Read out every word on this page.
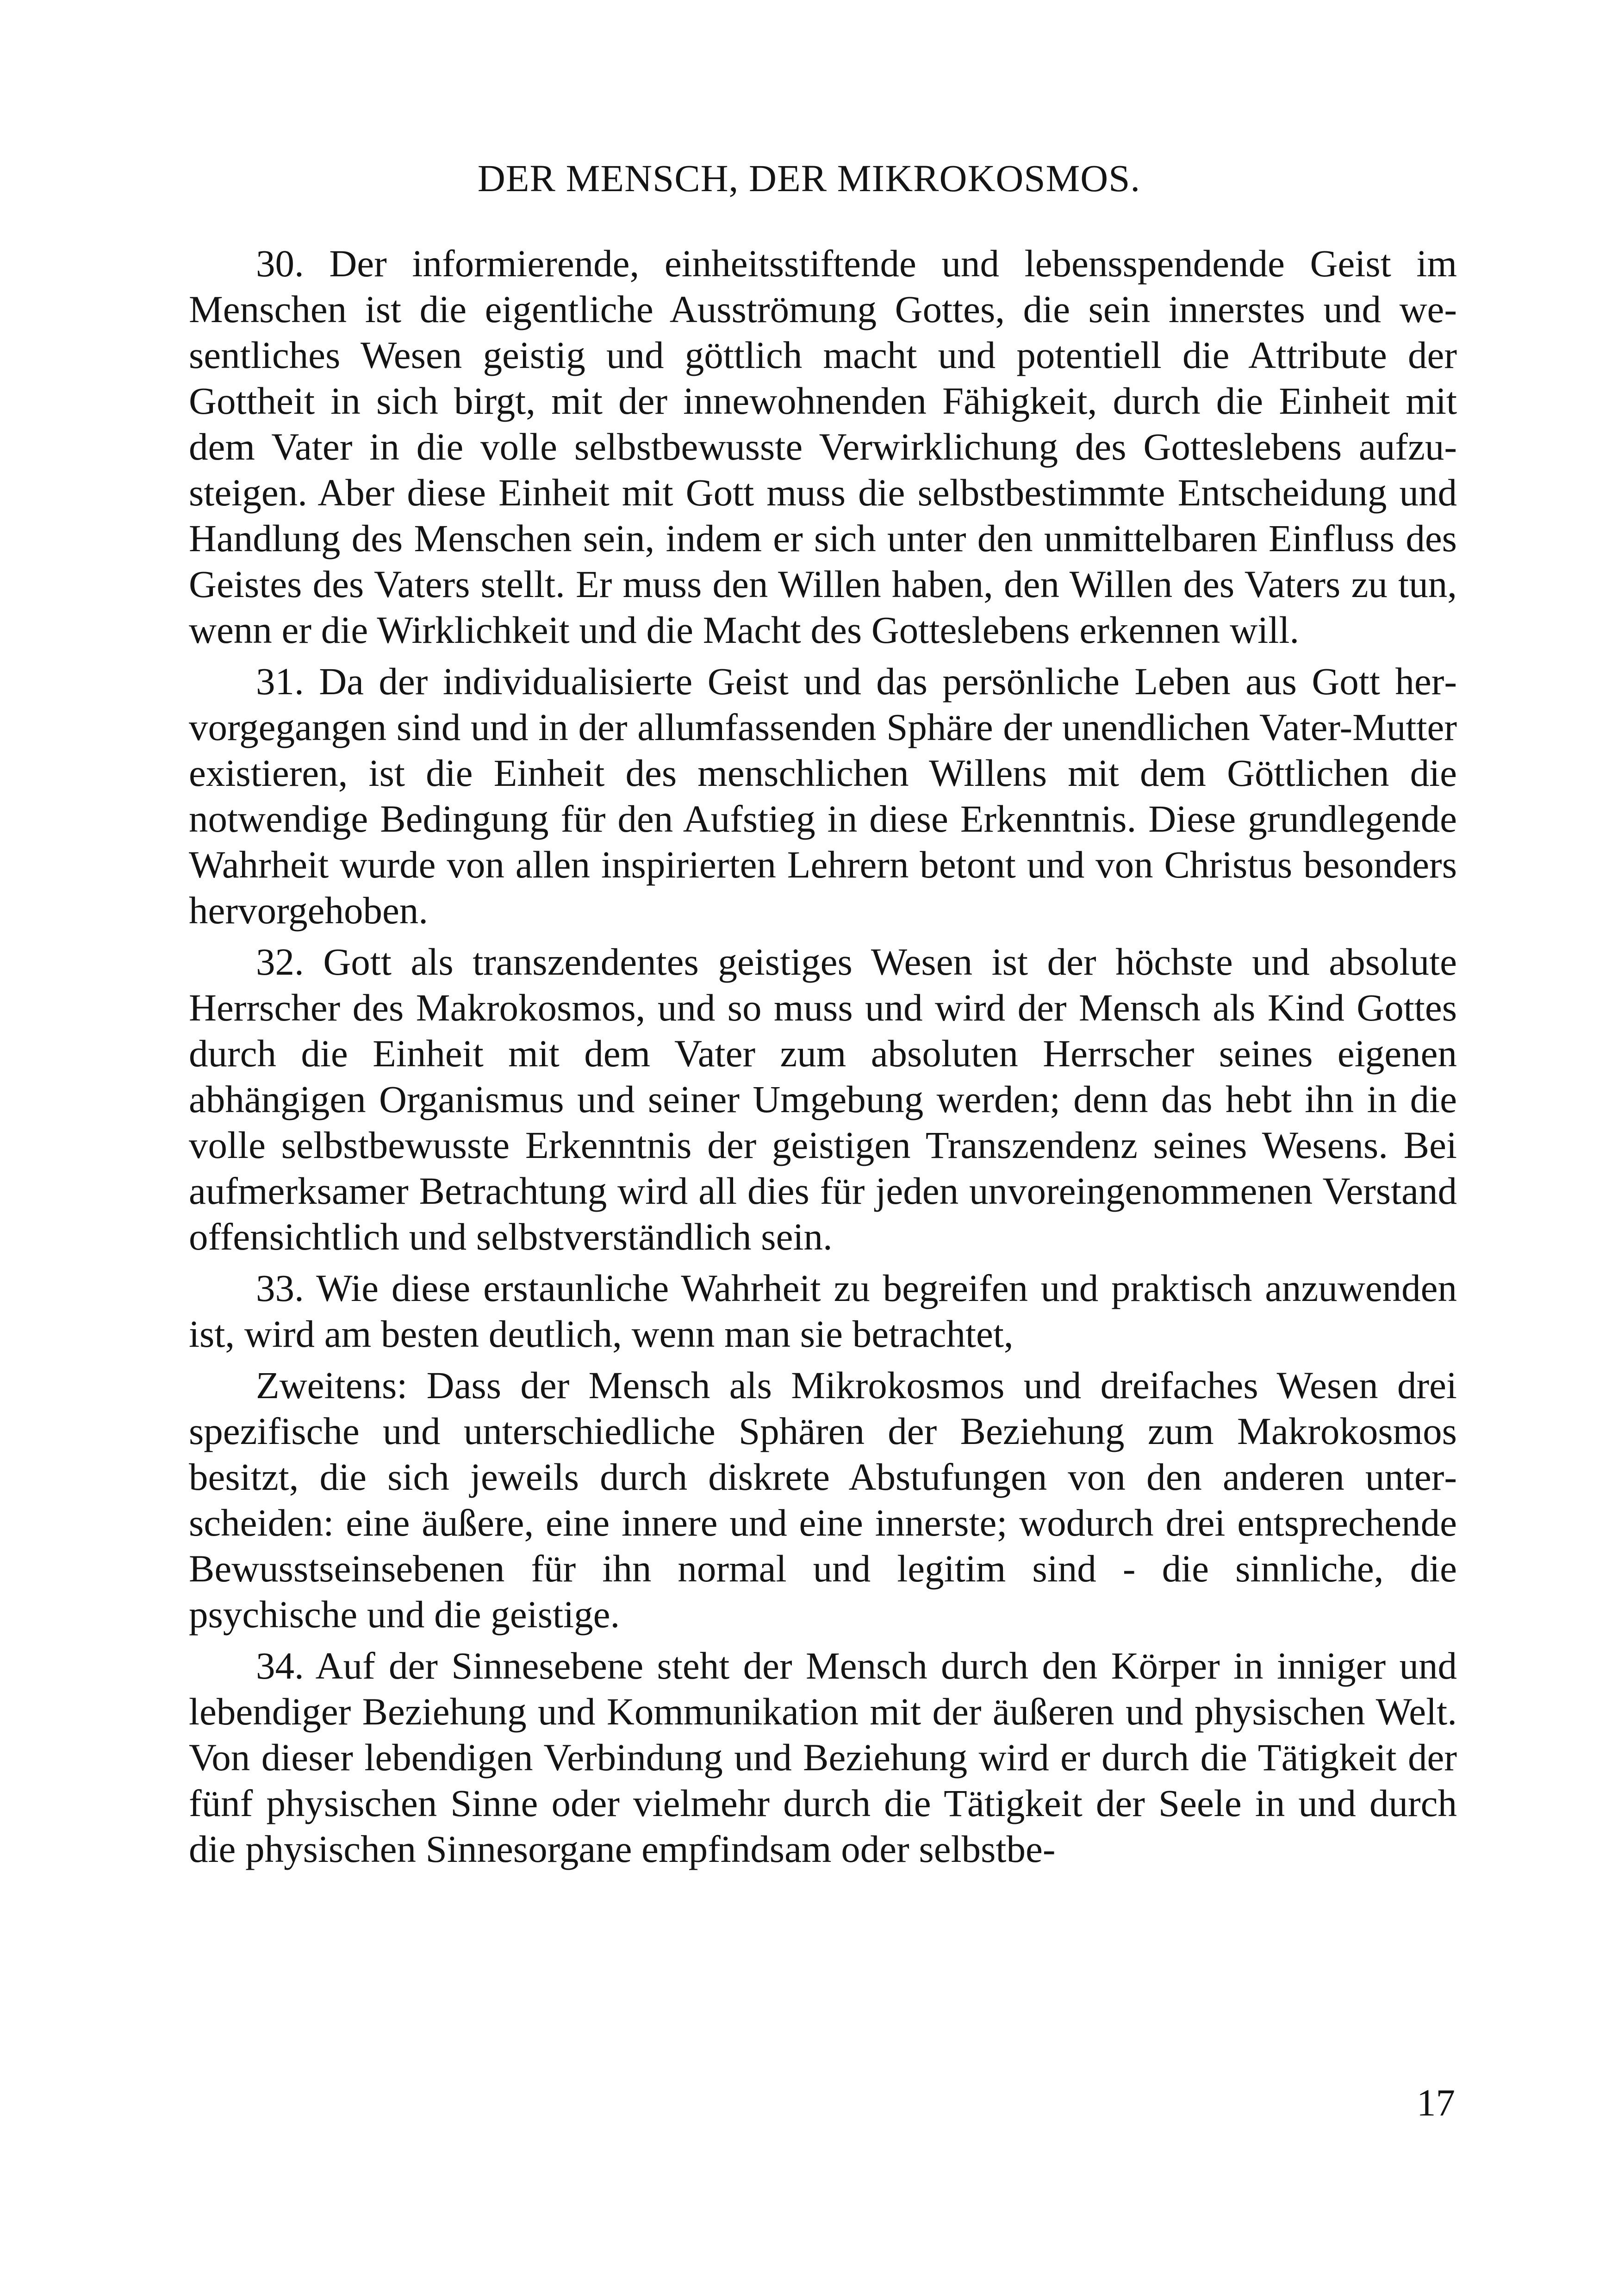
DER MENSCH, DER MIKROKOSMOS.

30. Der informierende, einheitsstiftende und lebensspendende Geist im Menschen ist die eigentliche Ausströmung Gottes, die sein innerstes und wesentliches Wesen geistig und göttlich macht und potentiell die Attribute der Gottheit in sich birgt, mit der innewohnenden Fähigkeit, durch die Einheit mit dem Vater in die volle selbstbewusste Verwirklichung des Gotteslebens aufzusteigen. Aber diese Einheit mit Gott muss die selbstbestimmte Entscheidung und Handlung des Menschen sein, indem er sich unter den unmittelbaren Einfluss des Geistes des Vaters stellt. Er muss den Willen haben, den Willen des Vaters zu tun, wenn er die Wirklichkeit und die Macht des Gotteslebens erkennen will.

31. Da der individualisierte Geist und das persönliche Leben aus Gott hervorgegangen sind und in der allumfassenden Sphäre der unendlichen Vater-Mutter existieren, ist die Einheit des menschlichen Willens mit dem Göttlichen die notwendige Bedingung für den Aufstieg in diese Erkenntnis. Diese grundlegende Wahrheit wurde von allen inspirierten Lehrern betont und von Christus besonders hervorgehoben.

32. Gott als transzendentes geistiges Wesen ist der höchste und absolute Herrscher des Makrokosmos, und so muss und wird der Mensch als Kind Gottes durch die Einheit mit dem Vater zum absoluten Herrscher seines eigenen abhängigen Organismus und seiner Umgebung werden; denn das hebt ihn in die volle selbstbewusste Erkenntnis der geistigen Transzendenz seines Wesens. Bei aufmerksamer Betrachtung wird all dies für jeden unvoreingenommenen Verstand offensichtlich und selbstverständlich sein.

33. Wie diese erstaunliche Wahrheit zu begreifen und praktisch anzuwenden ist, wird am besten deutlich, wenn man sie betrachtet,

Zweitens: Dass der Mensch als Mikrokosmos und dreifaches Wesen drei spezifische und unterschiedliche Sphären der Beziehung zum Makrokosmos besitzt, die sich jeweils durch diskrete Abstufungen von den anderen unterscheiden: eine äußere, eine innere und eine innerste; wodurch drei entsprechende Bewusstseinsebenen für ihn normal und legitim sind - die sinnliche, die psychische und die geistige.

34. Auf der Sinnesebene steht der Mensch durch den Körper in inniger und lebendiger Beziehung und Kommunikation mit der äußeren und physischen Welt. Von dieser lebendigen Verbindung und Beziehung wird er durch die Tätigkeit der fünf physischen Sinne oder vielmehr durch die Tätigkeit der Seele in und durch die physischen Sinnesorgane empfindsam oder selbstbe-

17
